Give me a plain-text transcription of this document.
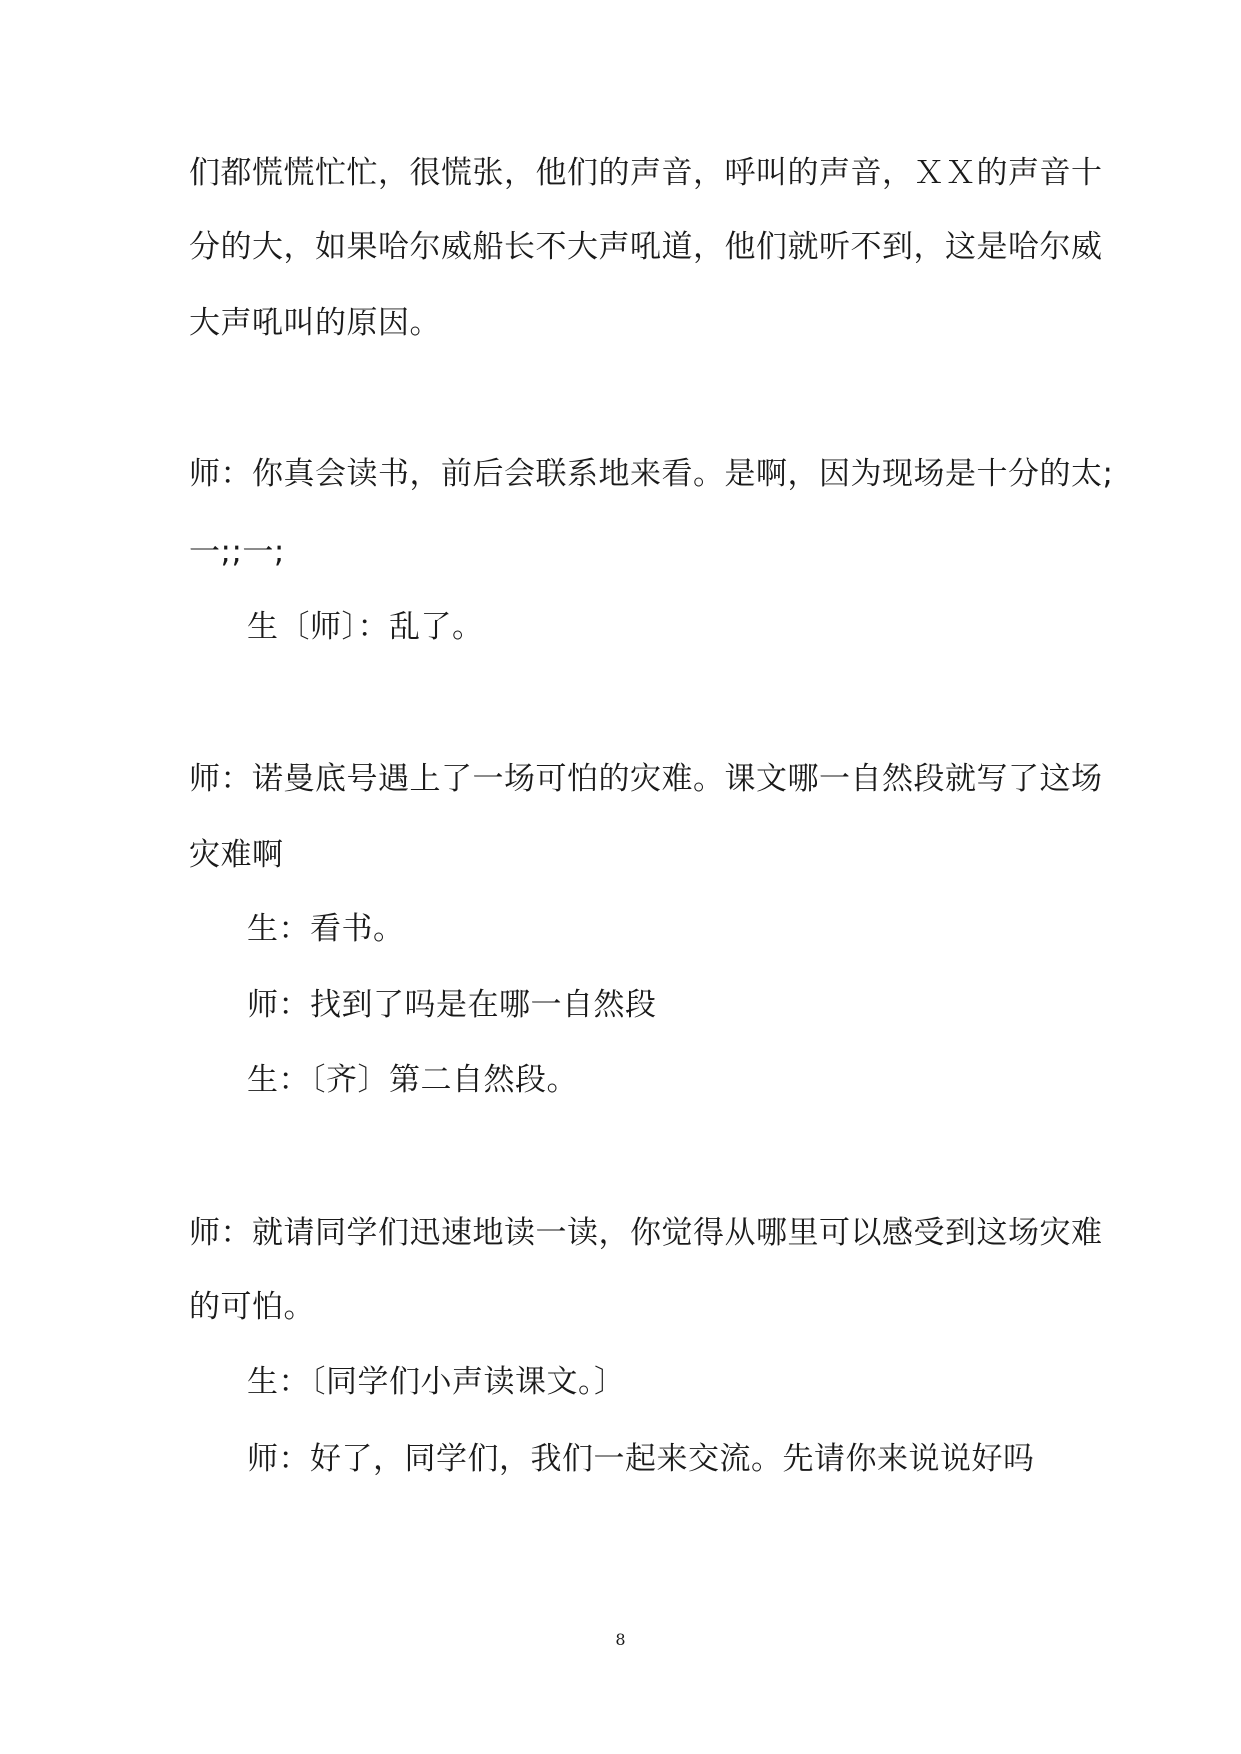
们都慌慌忙忙，很慌张，他们的声音，呼叫的声音，ＸＸ的声音十
分的大，如果哈尔威船长不大声吼道，他们就听不到，这是哈尔威
大声吼叫的原因。
师：你真会读书，前后会联系地来看。是啊，因为现场是十分的太;
一;;一;
生〔师〕：乱了。
师：诺曼底号遇上了一场可怕的灾难。课文哪一自然段就写了这场
灾难啊
生：看书。
师：找到了吗是在哪一自然段
生：〔齐〕第二自然段。
师：就请同学们迅速地读一读，你觉得从哪里可以感受到这场灾难
的可怕。
生：〔同学们小声读课文。〕
师：好了，同学们，我们一起来交流。先请你来说说好吗
8
